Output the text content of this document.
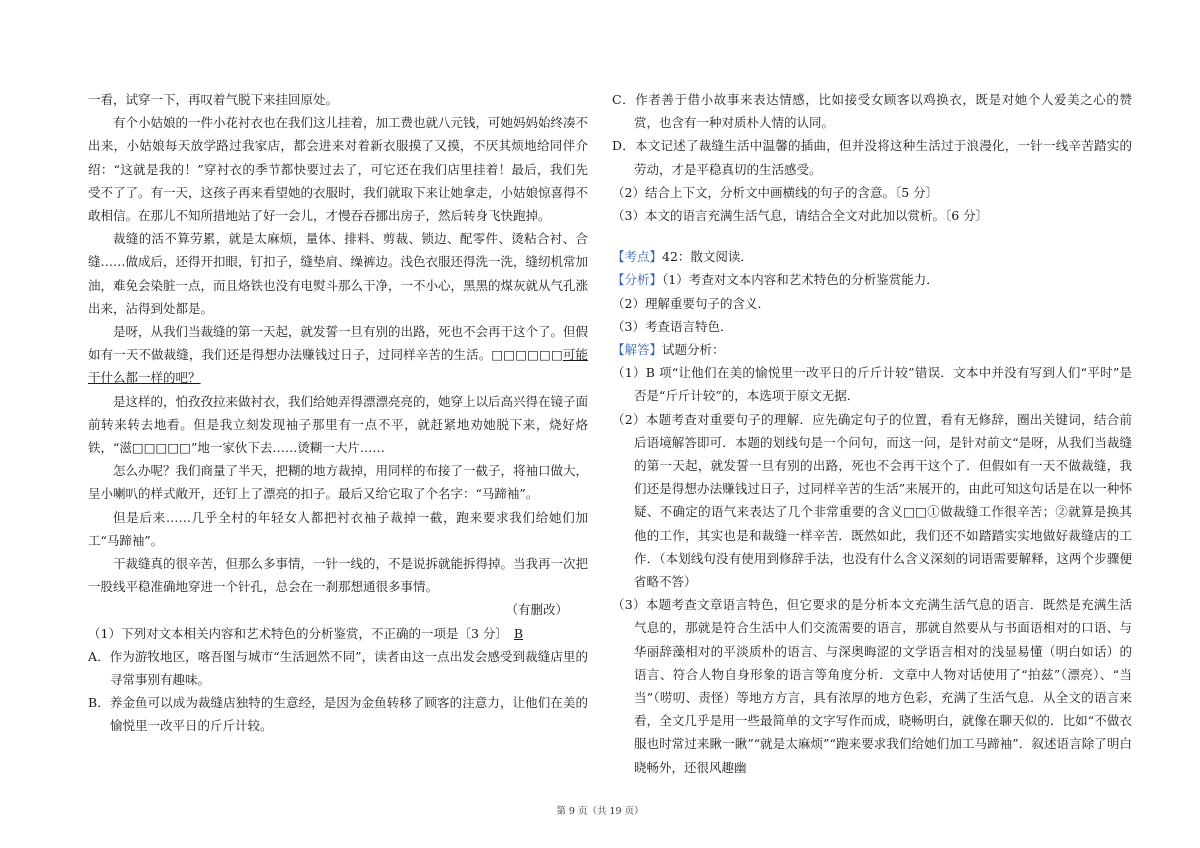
一看，试穿一下，再叹着气脱下来挂回原处。

有个小姑娘的一件小花衬衣也在我们这儿挂着，加工费也就八元钱，可她妈妈始终凑不出来，小姑娘每天放学路过我家店，都会进来对着新衣服摸了又摸，不厌其烦地给同伴介绍：“这就是我的！”穿衬衣的季节都快要过去了，可它还在我们店里挂着！最后，我们先受不了了。有一天，这孩子再来看望她的衣服时，我们就取下来让她拿走，小姑娘惊喜得不敢相信。在那儿不知所措地站了好一会儿，才慢吞吞挪出房子，然后转身飞快跑掉。

裁缝的活不算劳累，就是太麻烦，量体、排料、剪裁、锁边、配零件、烫粘合衬、合缝……做成后，还得开扣眼，钉扣子，缝垫肩、缲裤边。浅色衣服还得洗一洗，缝纫机常加油，难免会染脏一点，而且烙铁也没有电熨斗那么干净，一不小心，黑黑的煤灰就从气孔涨出来，沾得到处都是。

是呀，从我们当裁缝的第一天起，就发誓一旦有别的出路，死也不会再干这个了。但假如有一天不做裁缝，我们还是得想办法赚钱过日子，过同样辛苦的生活。□□□□□□可能干什么都一样的吧？

是这样的，怕孜孜拉来做衬衣，我们给她弄得漂漂亮亮的，她穿上以后高兴得在镜子面前转来转去地看。但是我立刻发现袖子那里有一点不平，就赶紧地劝她脱下来，烧好烙铁，“滋□□□□□”地一家伙下去……烫糊一大片……

怎么办呢？我们商量了半天，把糊的地方裁掉，用同样的布接了一截子，将袖口做大，呈小喇叭的样式敞开，还钉上了漂亮的扣子。最后又给它取了个名字：“马蹄袖”。

但是后来……几乎全村的年轻女人都把衬衣袖子裁掉一截，跑来要求我们给她们加工“马蹄袖”。

干裁缝真的很辛苦，但那么多事情，一针一线的，不是说拆就能拆得掉。当我再一次把一股线平稳准确地穿进一个针孔，总会在一刹那想通很多事情。

（有删改）

（1）下列对文本相关内容和艺术特色的分析鉴赏，不正确的一项是〔3 分〕 B

A．作为游牧地区，喀吾图与城市“生活迥然不同”，读者由这一点出发会感受到裁缝店里的寻常事别有趣味。

B．养金鱼可以成为裁缝店独特的生意经，是因为金鱼转移了顾客的注意力，让他们在美的愉悦里一改平日的斤斤计较。

C．作者善于借小故事来表达情感，比如接受女顾客以鸡换衣，既是对她个人爱美之心的赞赏，也含有一种对质朴人情的认同。

D．本文记述了裁缝生活中温馨的插曲，但并没将这种生活过于浪漫化，一针一线辛苦踏实的劳动，才是平稳真切的生活感受。

（2）结合上下文，分析文中画横线的句子的含意。〔5 分〕

（3）本文的语言充满生活气息，请结合全文对此加以赏析。〔6 分〕

【考点】42：散文阅读．

【分析】（1）考查对文本内容和艺术特色的分析鉴赏能力．

（2）理解重要句子的含义．

（3）考查语言特色．

【解答】试题分析：

（1）B 项“让他们在美的愉悦里一改平日的斤斤计较”错误．文本中并没有写到人们“平时”是否是“斤斤计较”的，本选项于原文无据．

（2）本题考查对重要句子的理解．应先确定句子的位置，看有无修辞，圈出关键词，结合前后语境解答即可．本题的划线句是一个问句，而这一问，是针对前文“是呀，从我们当裁缝的第一天起，就发誓一旦有别的出路，死也不会再干这个了．但假如有一天不做裁缝，我们还是得想办法赚钱过日子，过同样辛苦的生活”来展开的，由此可知这句话是在以一种怀疑、不确定的语气来表达了几个非常重要的含义□□①做裁缝工作很辛苦；②就算是换其他的工作，其实也是和裁缝一样辛苦．既然如此，我们还不如踏踏实实地做好裁缝店的工作．（本划线句没有使用到修辞手法，也没有什么含义深刻的词语需要解释，这两个步骤便省略不答）

（3）本题考查文章语言特色，但它要求的是分析本文充满生活气息的语言．既然是充满生活气息的，那就是符合生活中人们交流需要的语言，那就自然要从与书面语相对的口语、与华丽辞藻相对的平淡质朴的语言、与深奥晦涩的文学语言相对的浅显易懂（明白如话）的语言、符合人物自身形象的语言等角度分析．文章中人物对话使用了“拍兹”（漂亮）、“当当”（唠叨、责怪）等地方方言，具有浓厚的地方色彩，充满了生活气息．从全文的语言来看，全文几乎是用一些最简单的文字写作而成，晓畅明白，就像在聊天似的．比如“不做衣服也时常过来瞅一瞅”“就是太麻烦”“跑来要求我们给她们加工马蹄袖”．叙述语言除了明白晓畅外，还很风趣幽

第 9 页（共 19 页）
